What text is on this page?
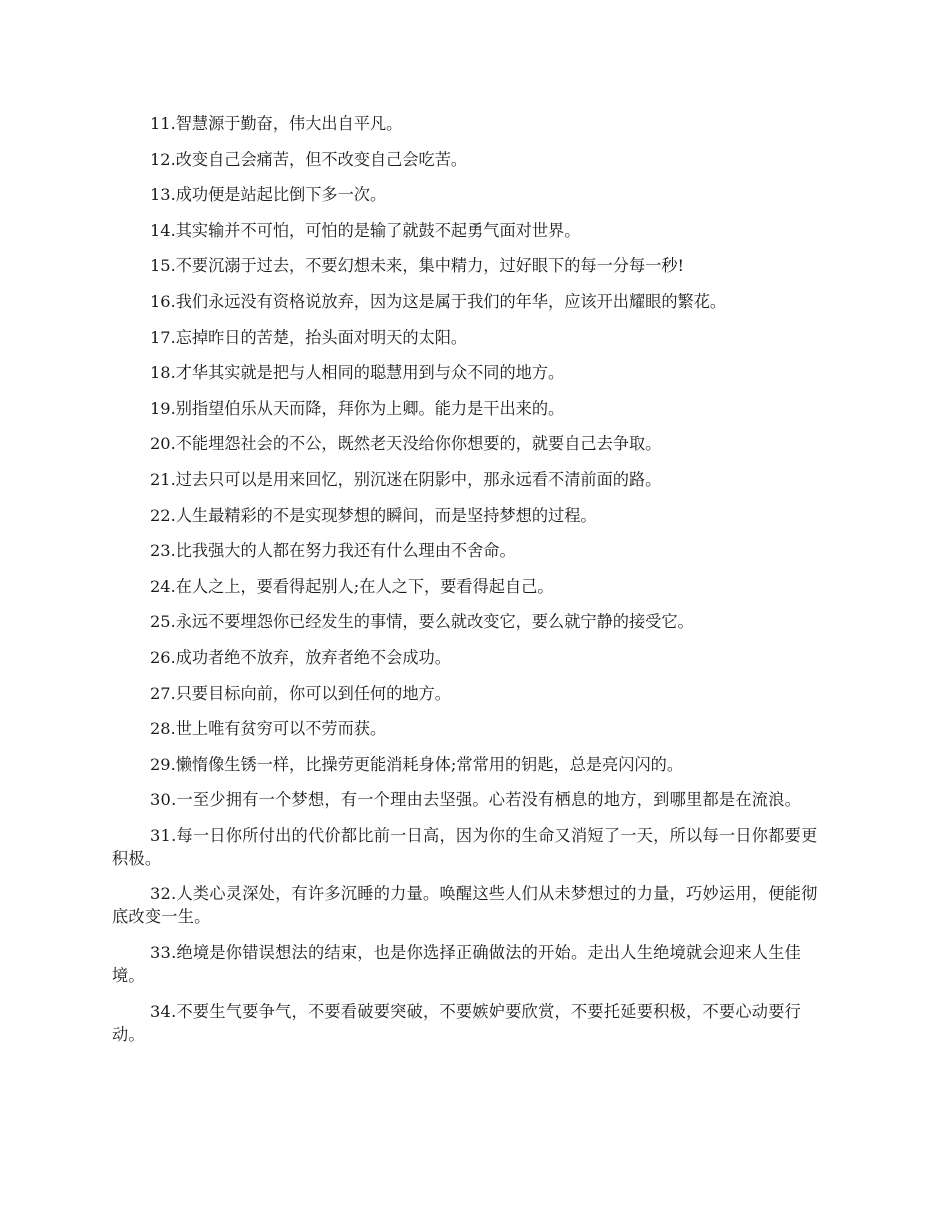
11.智慧源于勤奋，伟大出自平凡。

12.改变自己会痛苦，但不改变自己会吃苦。

13.成功便是站起比倒下多一次。

14.其实输并不可怕，可怕的是输了就鼓不起勇气面对世界。

15.不要沉溺于过去，不要幻想未来，集中精力，过好眼下的每一分每一秒!

16.我们永远没有资格说放弃，因为这是属于我们的年华，应该开出耀眼的繁花。

17.忘掉昨日的苦楚，抬头面对明天的太阳。

18.才华其实就是把与人相同的聪慧用到与众不同的地方。

19.别指望伯乐从天而降，拜你为上卿。能力是干出来的。

20.不能埋怨社会的不公，既然老天没给你你想要的，就要自己去争取。

21.过去只可以是用来回忆，别沉迷在阴影中，那永远看不清前面的路。

22.人生最精彩的不是实现梦想的瞬间，而是坚持梦想的过程。

23.比我强大的人都在努力我还有什么理由不舍命。

24.在人之上，要看得起别人;在人之下，要看得起自己。

25.永远不要埋怨你已经发生的事情，要么就改变它，要么就宁静的接受它。

26.成功者绝不放弃，放弃者绝不会成功。

27.只要目标向前，你可以到任何的地方。

28.世上唯有贫穷可以不劳而获。

29.懒惰像生锈一样，比操劳更能消耗身体;常常用的钥匙，总是亮闪闪的。

30.一至少拥有一个梦想，有一个理由去坚强。心若没有栖息的地方，到哪里都是在流浪。

31.每一日你所付出的代价都比前一日高，因为你的生命又消短了一天，所以每一日你都要更积极。

32.人类心灵深处，有许多沉睡的力量。唤醒这些人们从未梦想过的力量，巧妙运用，便能彻底改变一生。

33.绝境是你错误想法的结束，也是你选择正确做法的开始。走出人生绝境就会迎来人生佳境。

34.不要生气要争气，不要看破要突破，不要嫉妒要欣赏，不要托延要积极，不要心动要行动。
